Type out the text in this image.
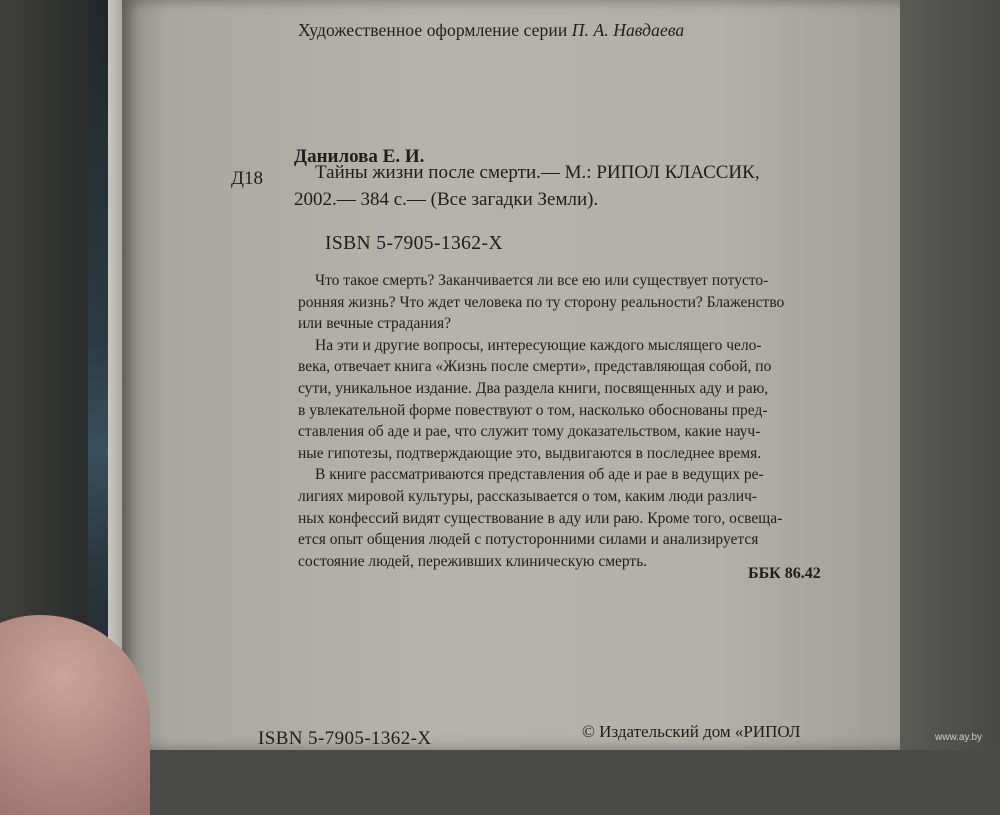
Художественное оформление серии П. А. Навдаева
Д18
Данилова Е. И.
Тайны жизни после смерти.— М.: РИПОЛ КЛАССИК,
2002.— 384 с.— (Все загадки Земли).
ISBN 5-7905-1362-X

Что такое смерть? Заканчивается ли все ею или существует потусто-

ронняя жизнь? Что ждет человека по ту сторону реальности? Блаженство

или вечные страдания?

На эти и другие вопросы, интересующие каждого мыслящего чело-

века, отвечает книга «Жизнь после смерти», представляющая собой, по

сути, уникальное издание. Два раздела книги, посвященных аду и раю,

в увлекательной форме повествуют о том, насколько обоснованы пред-

ставления об аде и рае, что служит тому доказательством, какие науч-

ные гипотезы, подтверждающие это, выдвигаются в последнее время.

В книге рассматриваются представления об аде и рае в ведущих ре-

лигиях мировой культуры, рассказывается о том, каким люди различ-

ных конфессий видят существование в аду или раю. Кроме того, освеща-

ется опыт общения людей с потусторонними силами и анализируется

состояние людей, переживших клиническую смерть.

ББК 86.42
ISBN 5-7905-1362-X	© Издательский дом «РИПОЛ	www.ay.by
